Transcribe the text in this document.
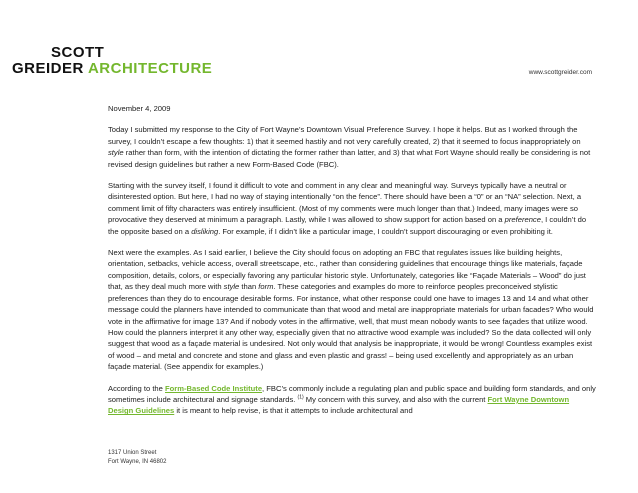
SCOTT
GREIDER ARCHITECTURE	www.scottgreider.com

November 4, 2009

Today I submitted my response to the City of Fort Wayne’s Downtown Visual Preference Survey. I hope it helps. But as I worked through the survey, I couldn’t escape a few thoughts: 1) that it seemed hastily and not very carefully created, 2) that it seemed to focus inappropriately on style rather than form, with the intention of dictating the former rather than latter, and 3) that what Fort Wayne should really be considering is not revised design guidelines but rather a new Form-Based Code (FBC).

Starting with the survey itself, I found it difficult to vote and comment in any clear and meaningful way. Surveys typically have a neutral or disinterested option. But here, I had no way of staying intentionally “on the fence”. There should have been a “0” or an “NA” selection. Next, a comment limit of fifty characters was entirely insufficient. (Most of my comments were much longer than that.) Indeed, many images were so provocative they deserved at minimum a paragraph. Lastly, while I was allowed to show support for action based on a preference, I couldn’t do the opposite based on a disliking. For example, if I didn’t like a particular image, I couldn’t support discouraging or even prohibiting it.

Next were the examples. As I said earlier, I believe the City should focus on adopting an FBC that regulates issues like building heights, orientation, setbacks, vehicle access, overall streetscape, etc., rather than considering guidelines that encourage things like materials, façade composition, details, colors, or especially favoring any particular historic style. Unfortunately, categories like “Façade Materials – Wood” do just that, as they deal much more with style than form. These categories and examples do more to reinforce peoples preconceived stylistic preferences than they do to encourage desirable forms. For instance, what other response could one have to images 13 and 14 and what other message could the planners have intended to communicate than that wood and metal are inappropriate materials for urban facades? Who would vote in the affirmative for image 13? And if nobody votes in the affirmative, well, that must mean nobody wants to see façades that utilize wood. How could the planners interpret it any other way, especially given that no attractive wood example was included? So the data collected will only suggest that wood as a façade material is undesired. Not only would that analysis be inappropriate, it would be wrong! Countless examples exist of wood – and metal and concrete and stone and glass and even plastic and grass! – being used excellently and appropriately as an urban façade material. (See appendix for examples.)

According to the Form-Based Code Institute, FBC’s commonly include a regulating plan and public space and building form standards, and only sometimes include architectural and signage standards. $^{(1)}$ My concern with this survey, and also with the current Fort Wayne Downtown Design Guidelines it is meant to help revise, is that it attempts to include architectural and

1317 Union Street
Fort Wayne, IN 46802
